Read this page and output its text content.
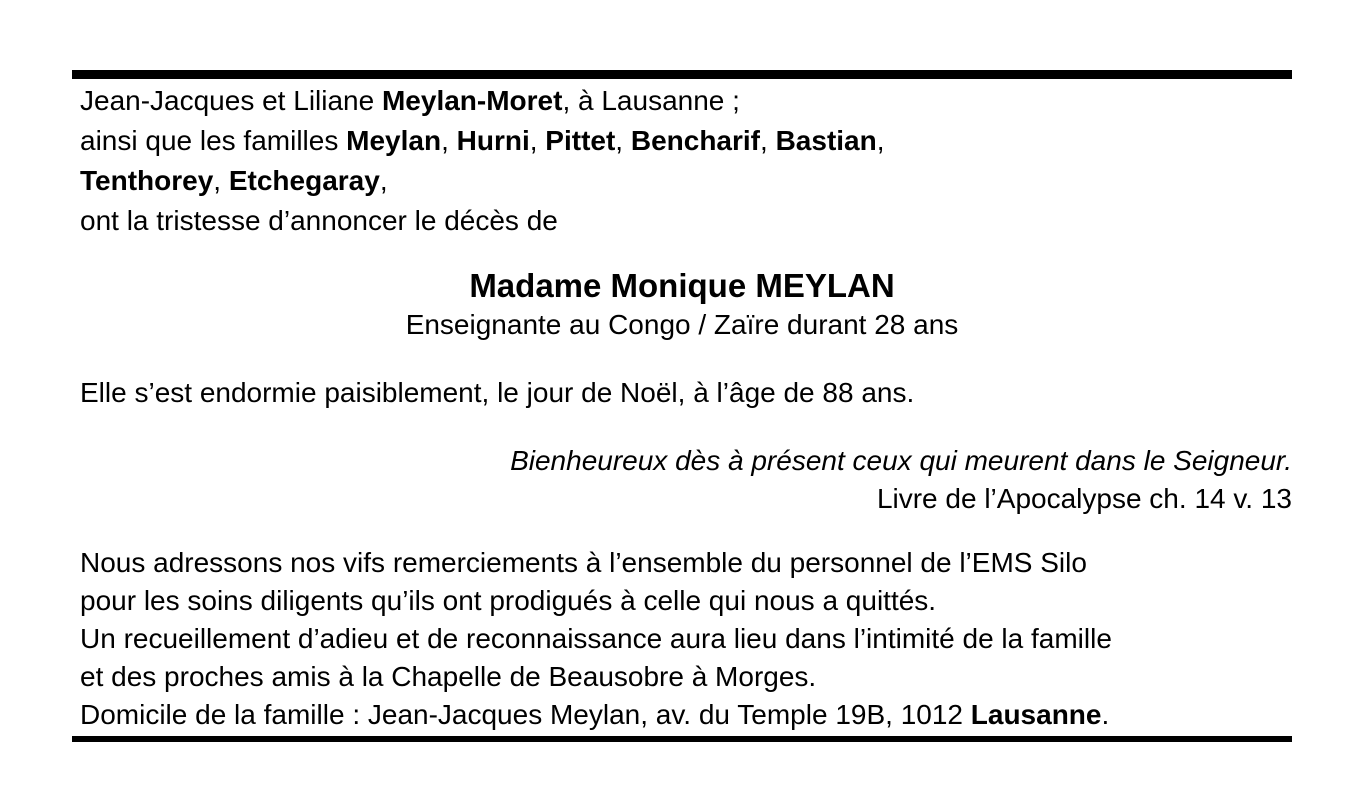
Jean-Jacques et Liliane Meylan-Moret, à Lausanne ;
ainsi que les familles Meylan, Hurni, Pittet, Bencharif, Bastian,
Tenthorey, Etchegaray,
ont la tristesse d’annoncer le décès de
Madame Monique MEYLAN
Enseignante au Congo / Zaïre durant 28 ans
Elle s’est endormie paisiblement, le jour de Noël, à l’âge de 88 ans.
Bienheureux dès à présent ceux qui meurent dans le Seigneur.
Livre de l’Apocalypse ch. 14 v. 13
Nous adressons nos vifs remerciements à l’ensemble du personnel de l’EMS Silo
pour les soins diligents qu’ils ont prodigués à celle qui nous a quittés.
Un recueillement d’adieu et de reconnaissance aura lieu dans l’intimité de la famille
et des proches amis à la Chapelle de Beausobre à Morges.
Domicile de la famille : Jean-Jacques Meylan, av. du Temple 19B, 1012 Lausanne.
